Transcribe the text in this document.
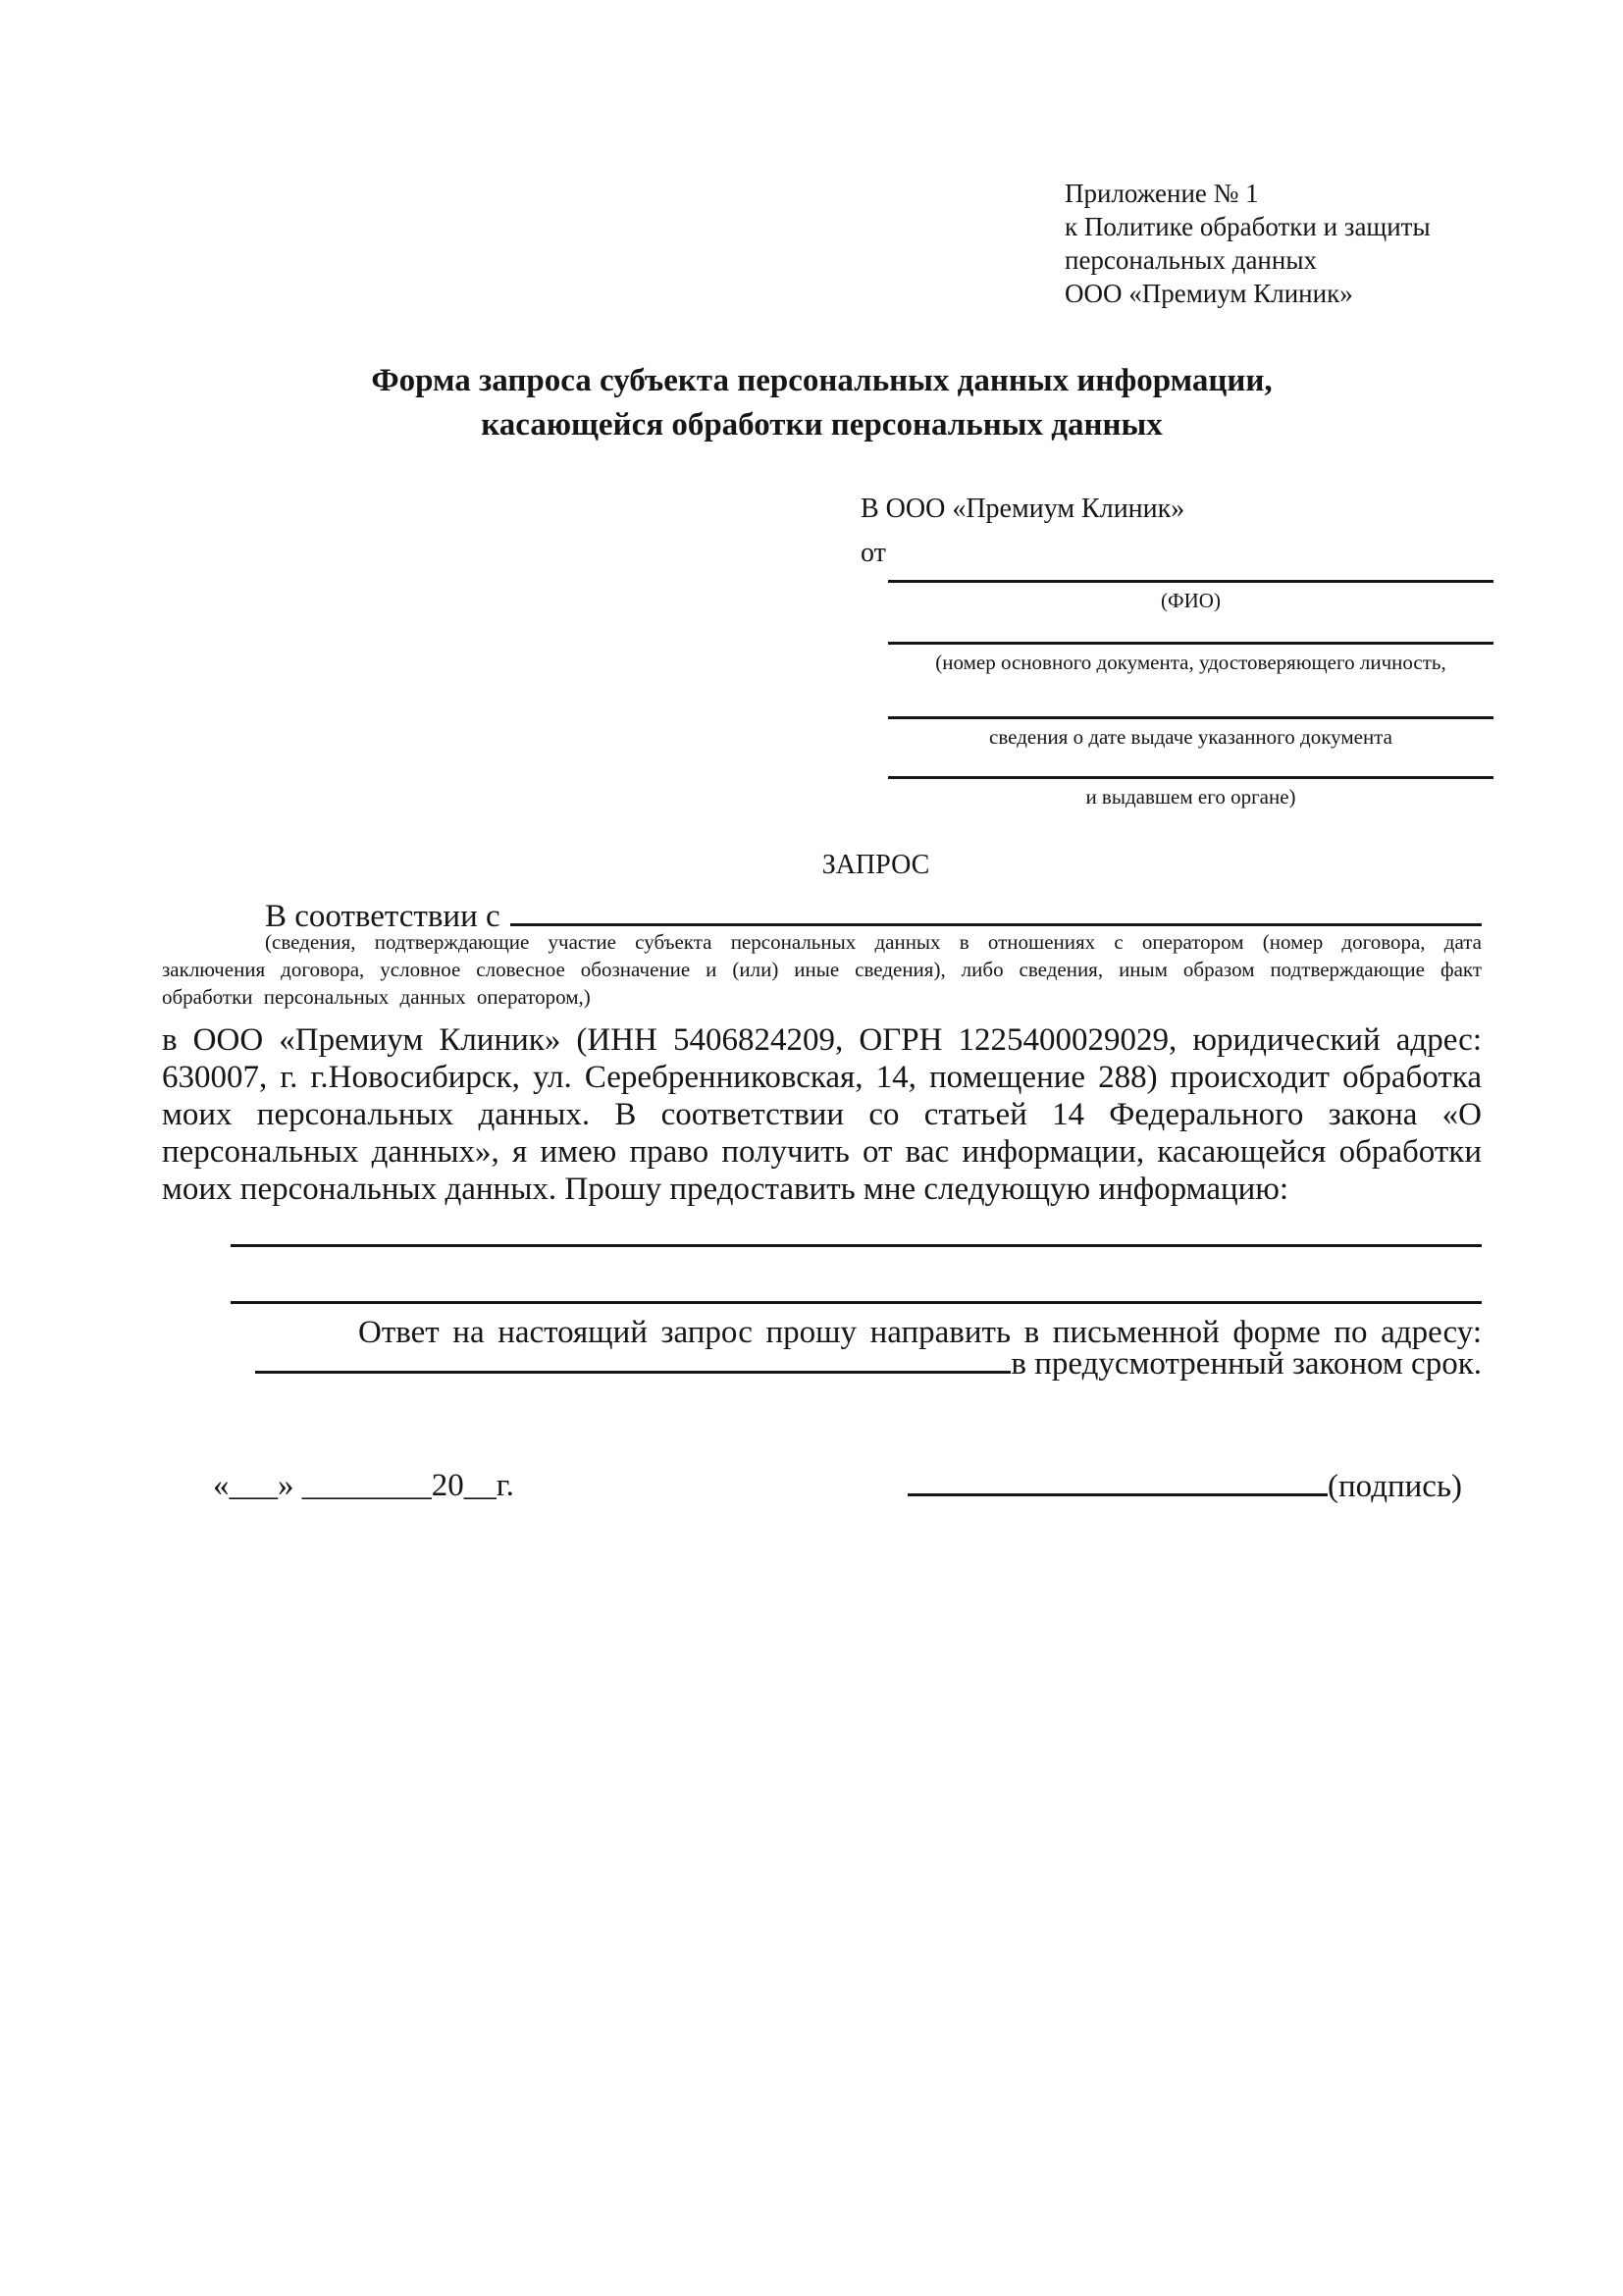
Приложение № 1
к Политике обработки и защиты
персональных данных
ООО «Премиум Клиник»
Форма запроса субъекта персональных данных информации,
касающейся обработки персональных данных
В ООО «Премиум Клиник»
от
(ФИО)
(номер основного документа, удостоверяющего личность,
сведения о дате выдаче указанного документа
и выдавшем его органе)
ЗАПРОС
В соответствии с
(сведения, подтверждающие участие субъекта персональных данных в отношениях с оператором (номер договора, дата
заключения договора, условное словесное обозначение и (или) иные сведения), либо сведения, иным образом подтверждающие факт
обработки персональных данных оператором,)
в ООО «Премиум Клиник» (ИНН 5406824209, ОГРН 1225400029029, юридический адрес:
630007, г. г.Новосибирск, ул. Серебренниковская, 14, помещение 288) происходит обработка
моих персональных данных. В соответствии со статьей 14 Федерального закона «О
персональных данных», я имею право получить от вас информации, касающейся обработки
моих персональных данных. Прошу предоставить мне следующую информацию:
Ответ на настоящий запрос прошу направить в письменной форме по адресу:
в предусмотренный законом срок.
«___» ________20__г.	(подпись)
